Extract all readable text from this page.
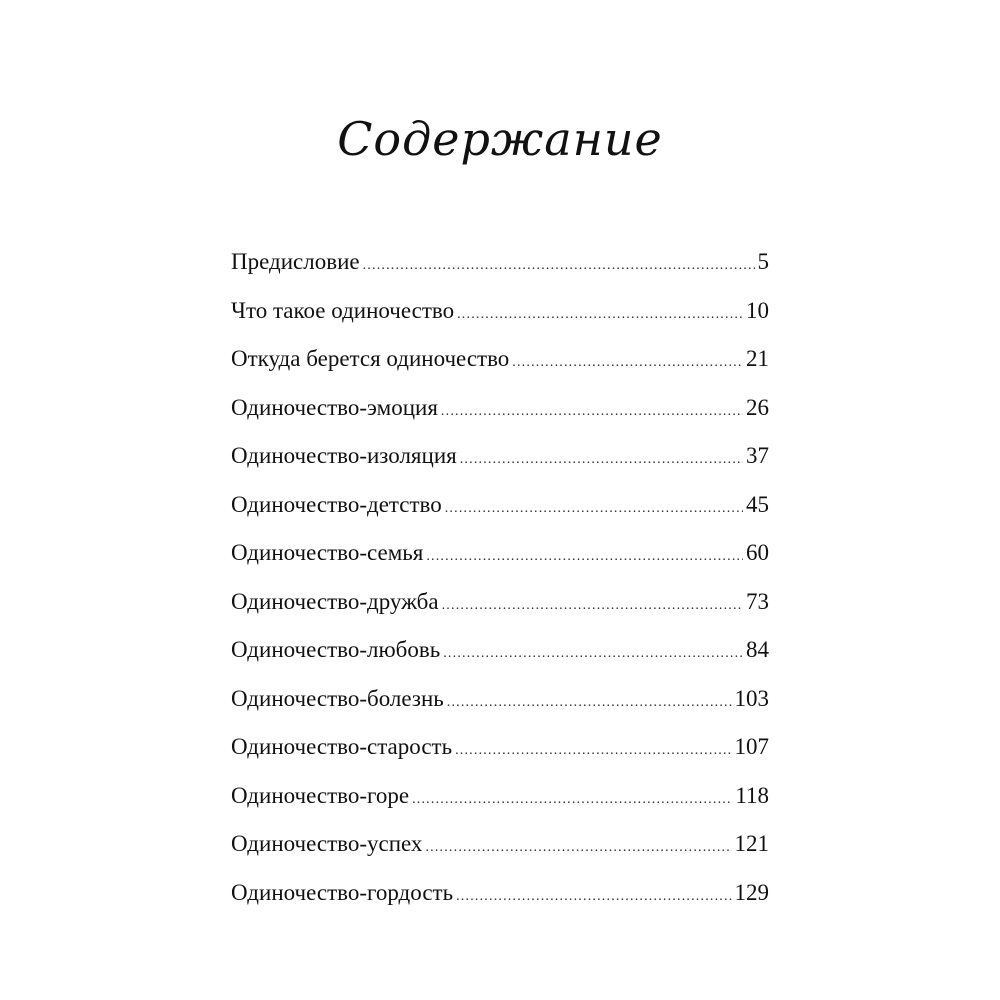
Содержание
Предисловие .....	5
Что такое одиночество .....	10
Откуда берется одиночество .....	21
Одиночество-эмоция .....	26
Одиночество-изоляция .....	37
Одиночество-детство .....	45
Одиночество-семья .....	60
Одиночество-дружба .....	73
Одиночество-любовь .....	84
Одиночество-болезнь .....	103
Одиночество-старость .....	107
Одиночество-горе .....	118
Одиночество-успех .....	121
Одиночество-гордость .....	129
